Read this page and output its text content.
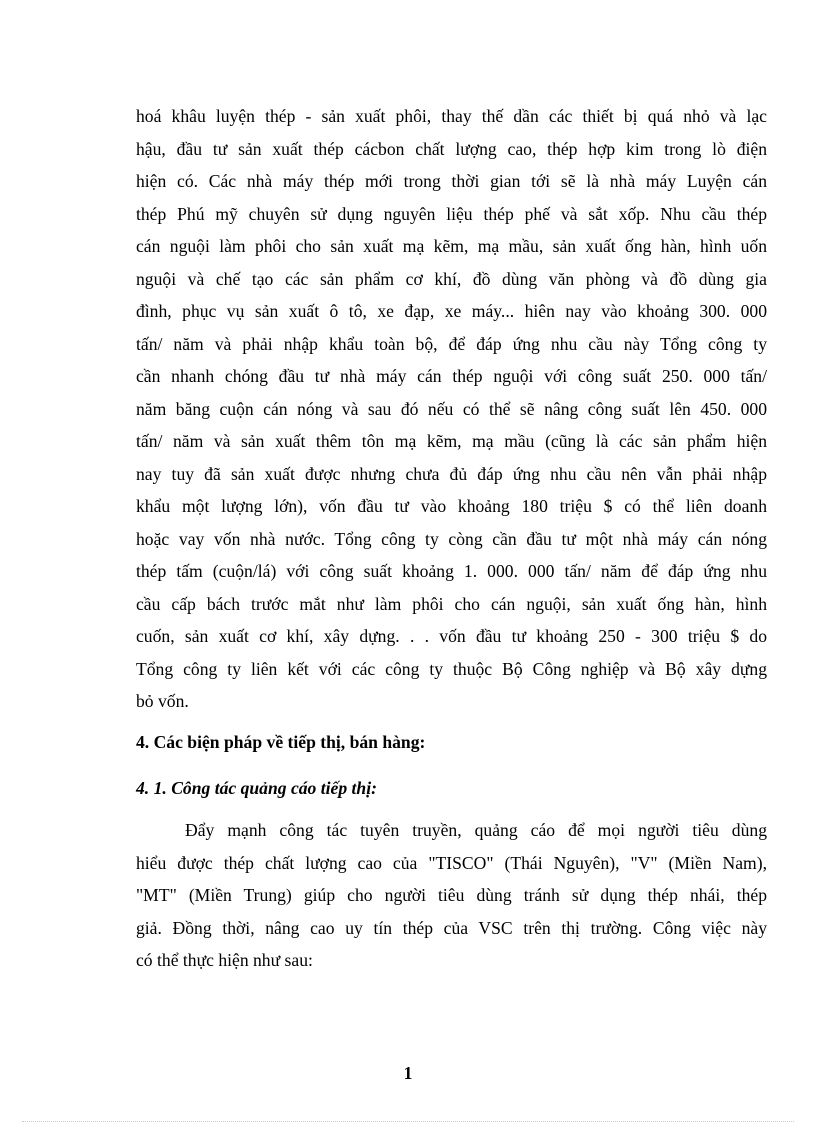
hoá khâu luyện thép - sản xuất phôi, thay thế dần các thiết bị quá nhỏ và lạc
hậu, đầu tư sản xuất thép cácbon chất lượng cao, thép hợp kim trong lò điện
hiện có. Các nhà máy thép mới trong thời gian tới sẽ là nhà máy Luyện cán
thép Phú mỹ chuyên sử dụng nguyên liệu thép phế và sắt xốp. Nhu cầu thép
cán nguội làm phôi cho sản xuất mạ kẽm, mạ mầu, sản xuất ống hàn, hình uốn
nguội và chế tạo các sản phẩm cơ khí, đồ dùng văn phòng và đồ dùng gia
đình, phục vụ sản xuất ô tô, xe đạp, xe máy... hiên nay vào khoảng 300. 000
tấn/ năm và phải nhập khẩu toàn bộ, để đáp ứng nhu cầu này Tổng công ty
cần nhanh chóng đầu tư nhà máy cán thép nguội với công suất 250. 000 tấn/
năm băng cuộn cán nóng và sau đó nếu có thể sẽ nâng công suất lên 450. 000
tấn/ năm và sản xuất thêm tôn mạ kẽm, mạ mầu (cũng là các sản phẩm hiện
nay tuy đã sản xuất được nhưng chưa đủ đáp ứng nhu cầu nên vẫn phải nhập
khẩu một lượng lớn), vốn đầu tư vào khoảng 180 triệu $ có thể liên doanh
hoặc vay vốn nhà nước. Tổng công ty còng cần đầu tư một nhà máy cán nóng
thép tấm (cuộn/lá) với công suất khoảng 1. 000. 000 tấn/ năm để đáp ứng nhu
cầu cấp bách trước mắt như làm phôi cho cán nguội, sản xuất ống hàn, hình
cuốn, sản xuất cơ khí, xây dựng. . . vốn đầu tư khoảng 250 - 300 triệu $ do
Tổng công ty liên kết với các công ty thuộc Bộ Công nghiệp và Bộ xây dựng
bỏ vốn.
4. Các biện pháp về tiếp thị, bán hàng:
4. 1. Công tác quảng cáo tiếp thị:
Đẩy mạnh công tác tuyên truyền, quảng cáo để mọi người tiêu dùng
hiểu được thép chất lượng cao của "TISCO" (Thái Nguyên), "V" (Miền Nam),
"MT" (Miền Trung) giúp cho người tiêu dùng tránh sử dụng thép nhái, thép
giả. Đồng thời, nâng cao uy tín thép của VSC trên thị trường. Công việc này
có thể thực hiện như sau:
1
